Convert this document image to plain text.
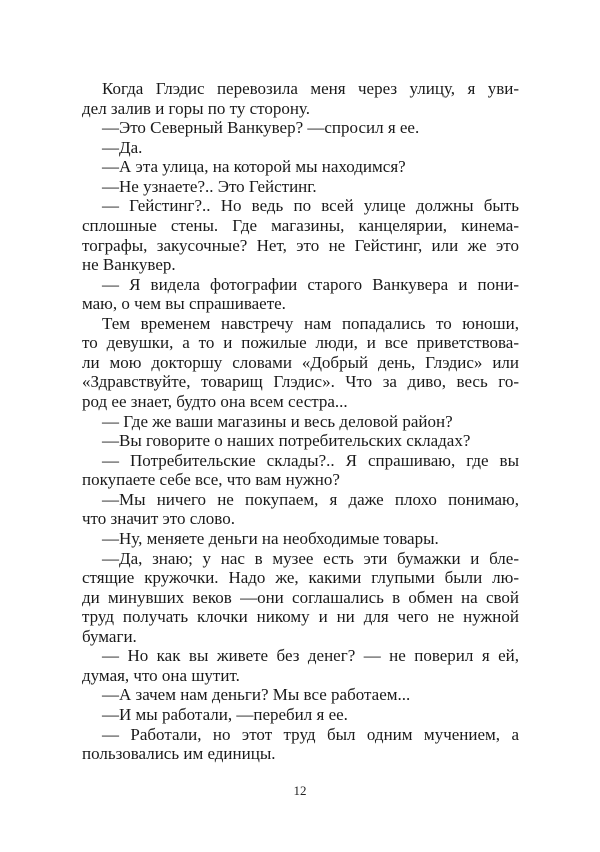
Когда Глэдис перевозила меня через улицу, я уви-
дел залив и горы по ту сторону.
—Это Северный Ванкувер? —спросил я ее.
—Да.
—А эта улица, на которой мы находимся?
—Не узнаете?.. Это Гейстинг.
— Гейстинг?.. Но ведь по всей улице должны быть
сплошные стены. Где магазины, канцелярии, кинема-
тографы, закусочные? Нет, это не Гейстинг, или же это
не Ванкувер.
— Я видела фотографии старого Ванкувера и пони-
маю, о чем вы спрашиваете.
Тем временем навстречу нам попадались то юноши,
то девушки, а то и пожилые люди, и все приветствова-
ли мою докторшу словами «Добрый день, Глэдис» или
«Здравствуйте, товарищ Глэдис». Что за диво, весь го-
род ее знает, будто она всем сестра...
— Где же ваши магазины и весь деловой район?
—Вы говорите о наших потребительских складах?
— Потребительские склады?.. Я спрашиваю, где вы
покупаете себе все, что вам нужно?
—Мы ничего не покупаем, я даже плохо понимаю,
что значит это слово.
—Ну, меняете деньги на необходимые товары.
—Да, знаю; у нас в музее есть эти бумажки и бле-
стящие кружочки. Надо же, какими глупыми были лю-
ди минувших веков —они соглашались в обмен на свой
труд получать клочки никому и ни для чего не нужной
бумаги.
— Но как вы живете без денег? — не поверил я ей,
думая, что она шутит.
—А зачем нам деньги? Мы все работаем...
—И мы работали, —перебил я ее.
— Работали, но этот труд был одним мучением, а
пользовались им единицы.
12
